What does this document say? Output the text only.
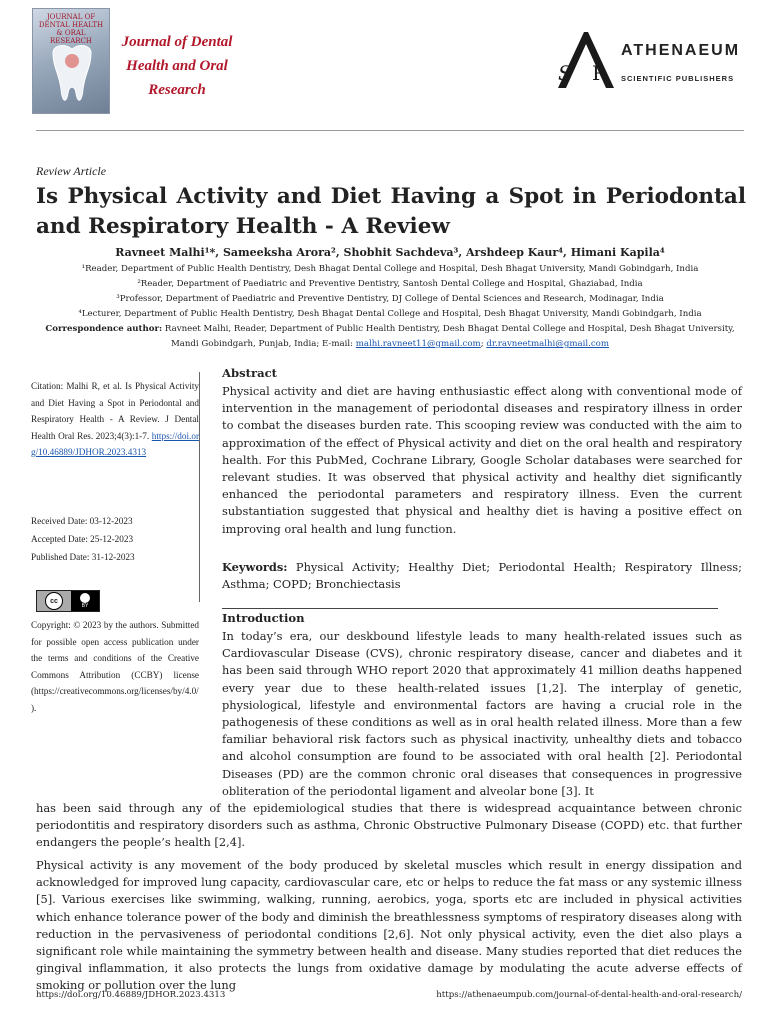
JOURNAL OF DENTAL HEALTH & ORAL RESEARCH	Journal of Dental Health and Oral Research
S P
ATHENAEUM
SCIENTIFIC PUBLISHERS
Review Article
Is Physical Activity and Diet Having a Spot in Periodontal and Respiratory Health - A Review
Ravneet Malhi¹*, Sameeksha Arora², Shobhit Sachdeva³, Arshdeep Kaur⁴, Himani Kapila⁴
¹Reader, Department of Public Health Dentistry, Desh Bhagat Dental College and Hospital, Desh Bhagat University, Mandi Gobindgarh, India
²Reader, Department of Paediatric and Preventive Dentistry, Santosh Dental College and Hospital, Ghaziabad, India
³Professor, Department of Paediatric and Preventive Dentistry, DJ College of Dental Sciences and Research, Modinagar, India
⁴Lecturer, Department of Public Health Dentistry, Desh Bhagat Dental College and Hospital, Desh Bhagat University, Mandi Gobindgarh, India
Correspondence author: Ravneet Malhi, Reader, Department of Public Health Dentistry, Desh Bhagat Dental College and Hospital, Desh Bhagat University, Mandi Gobindgarh, Punjab, India; E-mail: malhi.ravneet11@gmail.com; dr.ravneetmalhi@gmail.com
Citation: Malhi R, et al. Is Physical Activity and Diet Having a Spot in Periodontal and Respiratory Health - A Review. J Dental Health Oral Res. 2023;4(3):1-7. https://doi.org/10.46889/JDHOR.2023.4313
Received Date: 03-12-2023
Accepted Date: 25-12-2023
Published Date: 31-12-2023
cc
BY
Copyright: © 2023 by the authors. Submitted for possible open access publication under the terms and conditions of the Creative Commons Attribution (CCBY) license (https://creativecommons.org/licenses/by/4.0/).
Abstract
Physical activity and diet are having enthusiastic effect along with conventional mode of intervention in the management of periodontal diseases and respiratory illness in order to combat the diseases burden rate. This scooping review was conducted with the aim to approximation of the effect of Physical activity and diet on the oral health and respiratory health. For this PubMed, Cochrane Library, Google Scholar databases were searched for relevant studies. It was observed that physical activity and healthy diet significantly enhanced the periodontal parameters and respiratory illness. Even the current substantiation suggested that physical and healthy diet is having a positive effect on improving oral health and lung function.
Keywords: Physical Activity; Healthy Diet; Periodontal Health; Respiratory Illness; Asthma; COPD; Bronchiectasis
Introduction
In today’s era, our deskbound lifestyle leads to many health-related issues such as Cardiovascular Disease (CVS), chronic respiratory disease, cancer and diabetes and it has been said through WHO report 2020 that approximately 41 million deaths happened every year due to these health-related issues [1,2]. The interplay of genetic, physiological, lifestyle and environmental factors are having a crucial role in the pathogenesis of these conditions as well as in oral health related illness. More than a few familiar behavioral risk factors such as physical inactivity, unhealthy diets and tobacco and alcohol consumption are found to be associated with oral health [2]. Periodontal Diseases (PD) are the common chronic oral diseases that consequences in progressive obliteration of the periodontal ligament and alveolar bone [3]. It
has been said through any of the epidemiological studies that there is widespread acquaintance between chronic periodontitis and respiratory disorders such as asthma, Chronic Obstructive Pulmonary Disease (COPD) etc. that further endangers the people’s health [2,4].
Physical activity is any movement of the body produced by skeletal muscles which result in energy dissipation and acknowledged for improved lung capacity, cardiovascular care, etc or helps to reduce the fat mass or any systemic illness [5]. Various exercises like swimming, walking, running, aerobics, yoga, sports etc are included in physical activities which enhance tolerance power of the body and diminish the breathlessness symptoms of respiratory diseases along with reduction in the pervasiveness of periodontal conditions [2,6]. Not only physical activity, even the diet also plays a significant role while maintaining the symmetry between health and disease. Many studies reported that diet reduces the gingival inflammation, it also protects the lungs from oxidative damage by modulating the acute adverse effects of smoking or pollution over the lung
https://doi.org/10.46889/JDHOR.2023.4313	https://athenaeumpub.com/journal-of-dental-health-and-oral-research/
